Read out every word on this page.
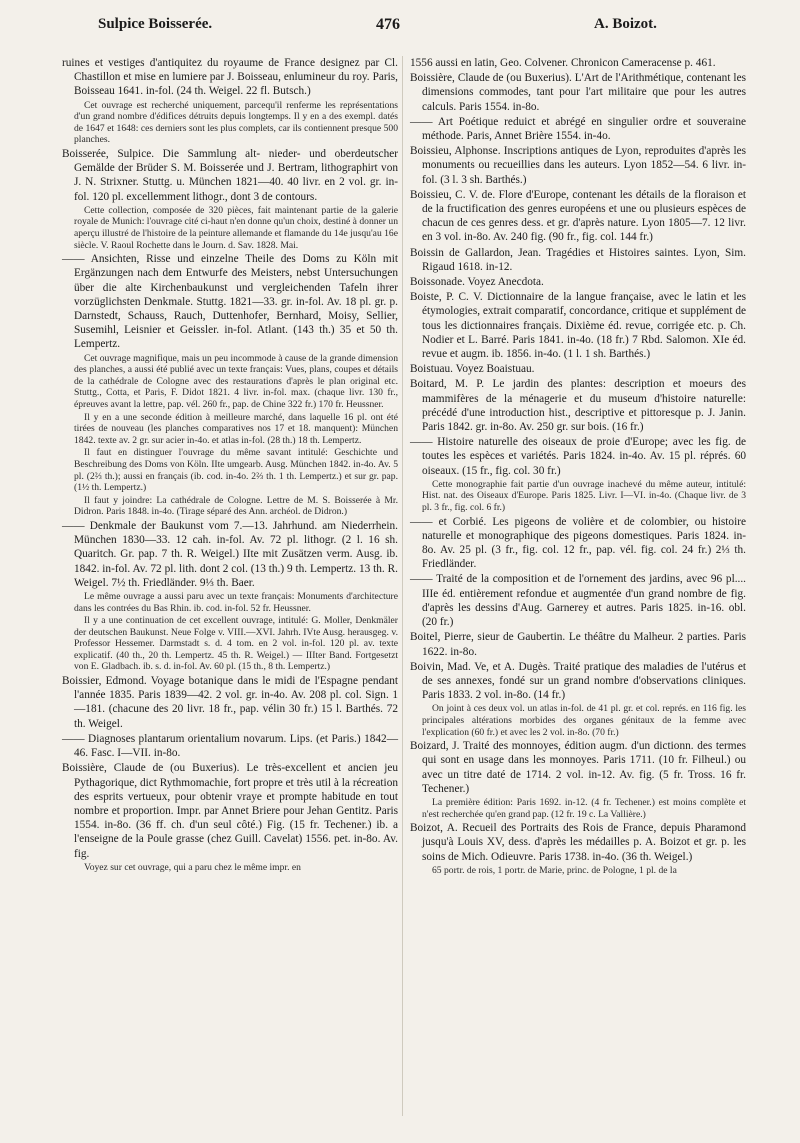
Sulpice Boisserée.	476	A. Boizot.

ruines et vestiges d'antiquitez du royaume de France designez par Cl. Chastillon et mise en lumiere par J. Boisseau, enlumineur du roy. Paris, Boisseau 1641. in-fol. (24 th. Weigel. 22 fl. Butsch.)

Cet ouvrage est recherché uniquement, parcequ'il renferme les représentations d'un grand nombre d'édifices détruits depuis longtemps. Il y en a des exempl. datés de 1647 et 1648: ces derniers sont les plus complets, car ils contiennent presque 500 planches.

Boisserée, Sulpice. Die Sammlung alt- nieder- und oberdeutscher Gemälde der Brüder S. M. Boisserée und J. Bertram, lithographirt von J. N. Strixner. Stuttg. u. München 1821—40. 40 livr. en 2 vol. gr. in-fol. 120 pl. excellemment lithogr., dont 3 de contours.

Cette collection, composée de 320 pièces, fait maintenant partie de la galerie royale de Munich: l'ouvrage cité ci-haut n'en donne qu'un choix, destiné à donner un aperçu illustré de l'histoire de la peinture allemande et flamande du 14e jusqu'au 16e siècle. V. Raoul Rochette dans le Journ. d. Sav. 1828. Mai.

—— Ansichten, Risse und einzelne Theile des Doms zu Köln mit Ergänzungen nach dem Entwurfe des Meisters, nebst Untersuchungen über die alte Kirchenbaukunst und vergleichenden Tafeln ihrer vorzüglichsten Denkmale. Stuttg. 1821—33. gr. in-fol. Av. 18 pl. gr. p. Darnstedt, Schauss, Rauch, Duttenhofer, Bernhard, Moisy, Sellier, Susemihl, Leisnier et Geissler. in-fol. Atlant. (143 th.) 35 et 50 th. Lempertz.

Cet ouvrage magnifique, mais un peu incommode à cause de la grande dimension des planches, a aussi été publié avec un texte français: Vues, plans, coupes et détails de la cathédrale de Cologne avec des restaurations d'après le plan original etc. Stuttg., Cotta, et Paris, F. Didot 1821. 4 livr. in-fol. max. (chaque livr. 130 fr., épreuves avant la lettre, pap. vél. 260 fr., pap. de Chine 322 fr.) 170 fr. Heussner.

Il y en a une seconde édition à meilleure marché, dans laquelle 16 pl. ont été tirées de nouveau (les planches comparatives nos 17 et 18. manquent): München 1842. texte av. 2 gr. sur acier in-4o. et atlas in-fol. (28 th.) 18 th. Lempertz.

Il faut en distinguer l'ouvrage du même savant intitulé: Geschichte und Beschreibung des Doms von Köln. IIte umgearb. Ausg. München 1842. in-4o. Av. 5 pl. (2⅔ th.); aussi en français (ib. cod. in-4o. 2⅔ th. 1 th. Lempertz.) et sur gr. pap. (1½ th. Lempertz.)

Il faut y joindre: La cathédrale de Cologne. Lettre de M. S. Boisserée à Mr. Didron. Paris 1848. in-4o. (Tirage séparé des Ann. archéol. de Didron.)

—— Denkmale der Baukunst vom 7.—13. Jahrhund. am Niederrhein. München 1830—33. 12 cah. in-fol. Av. 72 pl. lithogr. (2 l. 16 sh. Quaritch. Gr. pap. 7 th. R. Weigel.) IIte mit Zusätzen verm. Ausg. ib. 1842. in-fol. Av. 72 pl. lith. dont 2 col. (13 th.) 9 th. Lempertz. 13 th. R. Weigel. 7½ th. Friedländer. 9⅓ th. Baer.

Le même ouvrage a aussi paru avec un texte français: Monuments d'architecture dans les contrées du Bas Rhin. ib. cod. in-fol. 52 fr. Heussner.

Il y a une continuation de cet excellent ouvrage, intitulé: G. Moller, Denkmäler der deutschen Baukunst. Neue Folge v. VIII.—XVI. Jahrh. IVte Ausg. herausgeg. v. Professor Hessemer. Darmstadt s. d. 4 tom. en 2 vol. in-fol. 120 pl. av. texte explicatif. (40 th., 20 th. Lempertz. 45 th. R. Weigel.) — IIIter Band. Fortgesetzt von E. Gladbach. ib. s. d. in-fol. Av. 60 pl. (15 th., 8 th. Lempertz.)

Boissier, Edmond. Voyage botanique dans le midi de l'Espagne pendant l'année 1835. Paris 1839—42. 2 vol. gr. in-4o. Av. 208 pl. col. Sign. 1—181. (chacune des 20 livr. 18 fr., pap. vélin 30 fr.) 15 l. Barthés. 72 th. Weigel.

—— Diagnoses plantarum orientalium novarum. Lips. (et Paris.) 1842—46. Fasc. I—VII. in-8o.

Boissière, Claude de (ou Buxerius). Le très-excellent et ancien jeu Pythagorique, dict Rythmomachie, fort propre et très util à la récreation des esprits vertueux, pour obtenir vraye et prompte habitude en tout nombre et proportion. Impr. par Annet Briere pour Jehan Gentitz. Paris 1554. in-8o. (36 ff. ch. d'un seul côté.) Fig. (15 fr. Techener.) ib. a l'enseigne de la Poule grasse (chez Guill. Cavelat) 1556. pet. in-8o. Av. fig.

Voyez sur cet ouvrage, qui a paru chez le même impr. en

1556 aussi en latin, Geo. Colvener. Chronicon Cameracense p. 461.

Boissière, Claude de (ou Buxerius). L'Art de l'Arithmétique, contenant les dimensions commodes, tant pour l'art militaire que pour les autres calculs. Paris 1554. in-8o.

—— Art Poétique reduict et abrégé en singulier ordre et souveraine méthode. Paris, Annet Brière 1554. in-4o.

Boissieu, Alphonse. Inscriptions antiques de Lyon, reproduites d'après les monuments ou recueillies dans les auteurs. Lyon 1852—54. 6 livr. in-fol. (3 l. 3 sh. Barthés.)

Boissieu, C. V. de. Flore d'Europe, contenant les détails de la floraison et de la fructification des genres européens et une ou plusieurs espèces de chacun de ces genres dess. et gr. d'après nature. Lyon 1805—7. 12 livr. en 3 vol. in-8o. Av. 240 fig. (90 fr., fig. col. 144 fr.)

Boissin de Gallardon, Jean. Tragédies et Histoires saintes. Lyon, Sim. Rigaud 1618. in-12.

Boissonade. Voyez Anecdota.

Boiste, P. C. V. Dictionnaire de la langue française, avec le latin et les étymologies, extrait comparatif, concordance, critique et supplément de tous les dictionnaires français. Dixième éd. revue, corrigée etc. p. Ch. Nodier et L. Barré. Paris 1841. in-4o. (18 fr.) 7 Rbd. Salomon. XIe éd. revue et augm. ib. 1856. in-4o. (1 l. 1 sh. Barthés.)

Boistuau. Voyez Boaistuau.

Boitard, M. P. Le jardin des plantes: description et moeurs des mammifères de la ménagerie et du museum d'histoire naturelle: précédé d'une introduction hist., descriptive et pittoresque p. J. Janin. Paris 1842. gr. in-8o. Av. 250 gr. sur bois. (16 fr.)

—— Histoire naturelle des oiseaux de proie d'Europe; avec les fig. de toutes les espèces et variétés. Paris 1824. in-4o. Av. 15 pl. réprés. 60 oiseaux. (15 fr., fig. col. 30 fr.)

Cette monographie fait partie d'un ouvrage inachevé du même auteur, intitulé: Hist. nat. des Oiseaux d'Europe. Paris 1825. Livr. I—VI. in-4o. (Chaque livr. de 3 pl. 3 fr., fig. col. 6 fr.)

—— et Corbié. Les pigeons de volière et de colombier, ou histoire naturelle et monographique des pigeons domestiques. Paris 1824. in-8o. Av. 25 pl. (3 fr., fig. col. 12 fr., pap. vél. fig. col. 24 fr.) 2⅓ th. Friedländer.

—— Traité de la composition et de l'ornement des jardins, avec 96 pl.... IIIe éd. entièrement refondue et augmentée d'un grand nombre de fig. d'après les dessins d'Aug. Garnerey et autres. Paris 1825. in-16. obl. (20 fr.)

Boitel, Pierre, sieur de Gaubertin. Le théâtre du Malheur. 2 parties. Paris 1622. in-8o.

Boivin, Mad. Ve, et A. Dugès. Traité pratique des maladies de l'utérus et de ses annexes, fondé sur un grand nombre d'observations cliniques. Paris 1833. 2 vol. in-8o. (14 fr.)

On joint à ces deux vol. un atlas in-fol. de 41 pl. gr. et col. représ. en 116 fig. les principales altérations morbides des organes génitaux de la femme avec l'explication (60 fr.) et avec les 2 vol. in-8o. (70 fr.)

Boizard, J. Traité des monnoyes, édition augm. d'un dictionn. des termes qui sont en usage dans les monnoyes. Paris 1711. (10 fr. Filheul.) ou avec un titre daté de 1714. 2 vol. in-12. Av. fig. (5 fr. Tross. 16 fr. Techener.)

La première édition: Paris 1692. in-12. (4 fr. Techener.) est moins complète et n'est recherchée qu'en grand pap. (12 fr. 19 c. La Vallière.)

Boizot, A. Recueil des Portraits des Rois de France, depuis Pharamond jusqu'à Louis XV, dess. d'après les médailles p. A. Boizot et gr. p. les soins de Mich. Odieuvre. Paris 1738. in-4o. (36 th. Weigel.)

65 portr. de rois, 1 portr. de Marie, princ. de Pologne, 1 pl. de la
